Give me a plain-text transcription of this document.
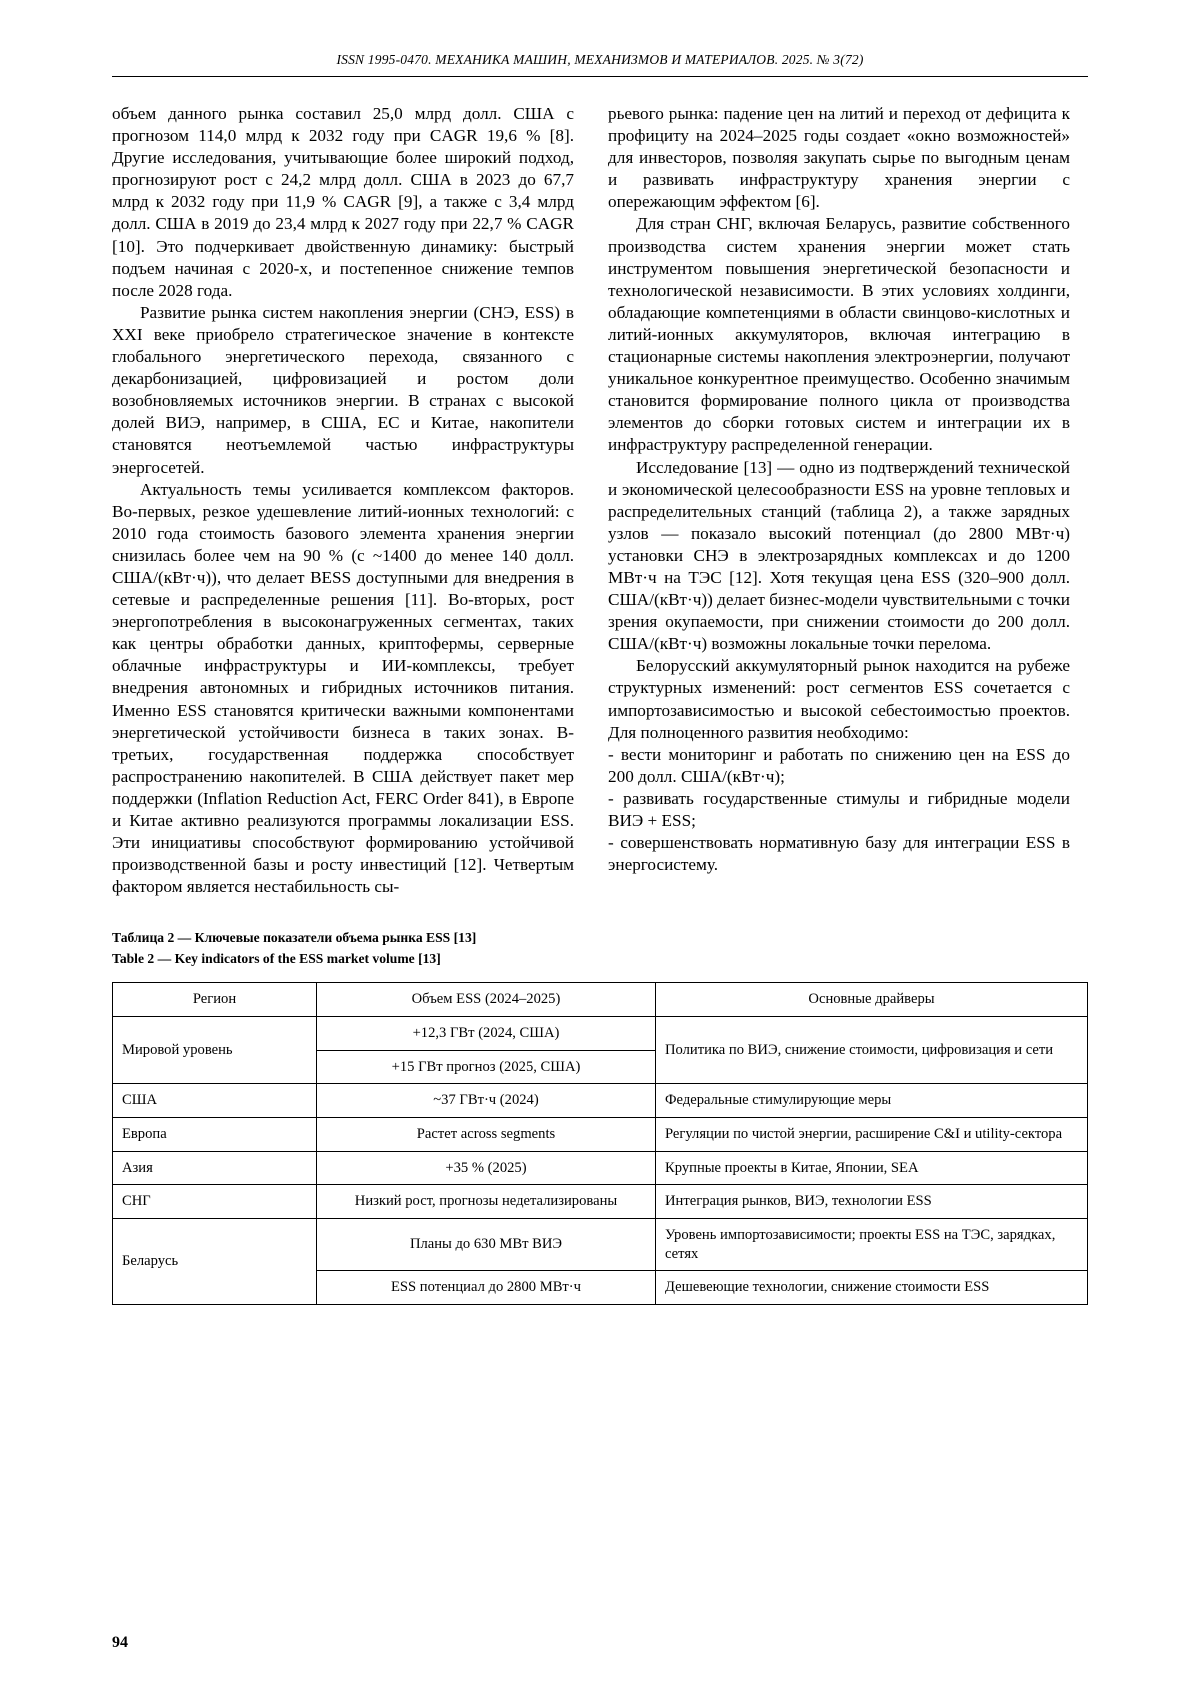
ISSN 1995-0470. МЕХАНИКА МАШИН, МЕХАНИЗМОВ И МАТЕРИАЛОВ. 2025. № 3(72)

объем данного рынка составил 25,0 млрд долл. США с прогнозом 114,0 млрд к 2032 году при CAGR 19,6 % [8]. Другие исследования, учитывающие более широкий подход, прогнозируют рост с 24,2 млрд долл. США в 2023 до 67,7 млрд к 2032 году при 11,9 % CAGR [9], а также с 3,4 млрд долл. США в 2019 до 23,4 млрд к 2027 году при 22,7 % CAGR [10]. Это подчеркивает двойственную динамику: быстрый подъем начиная с 2020-х, и постепенное снижение темпов после 2028 года.

Развитие рынка систем накопления энергии (СНЭ, ESS) в XXI веке приобрело стратегическое значение в контексте глобального энергетического перехода, связанного с декарбонизацией, цифровизацией и ростом доли возобновляемых источников энергии. В странах с высокой долей ВИЭ, например, в США, ЕС и Китае, накопители становятся неотъемлемой частью инфраструктуры энергосетей.

Актуальность темы усиливается комплексом факторов. Во-первых, резкое удешевление литий-ионных технологий: с 2010 года стоимость базового элемента хранения энергии снизилась более чем на 90 % (с ~1400 до менее 140 долл. США/(кВт·ч)), что делает BESS доступными для внедрения в сетевые и распределенные решения [11]. Во-вторых, рост энергопотребления в высоконагруженных сегментах, таких как центры обработки данных, криптофермы, серверные облачные инфраструктуры и ИИ-комплексы, требует внедрения автономных и гибридных источников питания. Именно ESS становятся критически важными компонентами энергетической устойчивости бизнеса в таких зонах. В-третьих, государственная поддержка способствует распространению накопителей. В США действует пакет мер поддержки (Inflation Reduction Act, FERC Order 841), в Европе и Китае активно реализуются программы локализации ESS. Эти инициативы способствуют формированию устойчивой производственной базы и росту инвестиций [12]. Четвертым фактором является нестабильность сы-

рьевого рынка: падение цен на литий и переход от дефицита к профициту на 2024–2025 годы создает «окно возможностей» для инвесторов, позволяя закупать сырье по выгодным ценам и развивать инфраструктуру хранения энергии с опережающим эффектом [6].

Для стран СНГ, включая Беларусь, развитие собственного производства систем хранения энергии может стать инструментом повышения энергетической безопасности и технологической независимости. В этих условиях холдинги, обладающие компетенциями в области свинцово-кислотных и литий-ионных аккумуляторов, включая интеграцию в стационарные системы накопления электроэнергии, получают уникальное конкурентное преимущество. Особенно значимым становится формирование полного цикла от производства элементов до сборки готовых систем и интеграции их в инфраструктуру распределенной генерации.

Исследование [13] — одно из подтверждений технической и экономической целесообразности ESS на уровне тепловых и распределительных станций (таблица 2), а также зарядных узлов — показало высокий потенциал (до 2800 МВт·ч) установки СНЭ в электрозарядных комплексах и до 1200 МВт·ч на ТЭС [12]. Хотя текущая цена ESS (320–900 долл. США/(кВт·ч)) делает бизнес-модели чувствительными с точки зрения окупаемости, при снижении стоимости до 200 долл. США/(кВт·ч) возможны локальные точки перелома.

Белорусский аккумуляторный рынок находится на рубеже структурных изменений: рост сегментов ESS сочетается с импортозависимостью и высокой себестоимостью проектов. Для полноценного развития необходимо:

- вести мониторинг и работать по снижению цен на ESS до 200 долл. США/(кВт·ч);

- развивать государственные стимулы и гибридные модели ВИЭ + ESS;

- совершенствовать нормативную базу для интеграции ESS в энергосистему.

Таблица 2 — Ключевые показатели объема рынка ESS [13]
Table 2 — Key indicators of the ESS market volume [13]
Регион	Объем ESS (2024–2025)	Основные драйверы
Мировой уровень	+12,3 ГВт (2024, США)	Политика по ВИЭ, снижение стоимости, цифровизация и сети
	+15 ГВт прогноз (2025, США)	
США	~37 ГВт·ч (2024)	Федеральные стимулирующие меры
Европа	Растет across segments	Регуляции по чистой энергии, расширение C&I и utility-сектора
Азия	+35 % (2025)	Крупные проекты в Китае, Японии, SEA
СНГ	Низкий рост, прогнозы недетализированы	Интеграция рынков, ВИЭ, технологии ESS
Беларусь	Планы до 630 МВт ВИЭ	Уровень импортозависимости; проекты ESS на ТЭС, зарядках, сетях
	ESS потенциал до 2800 МВт·ч	Дешевеющие технологии, снижение стоимости ESS
94
